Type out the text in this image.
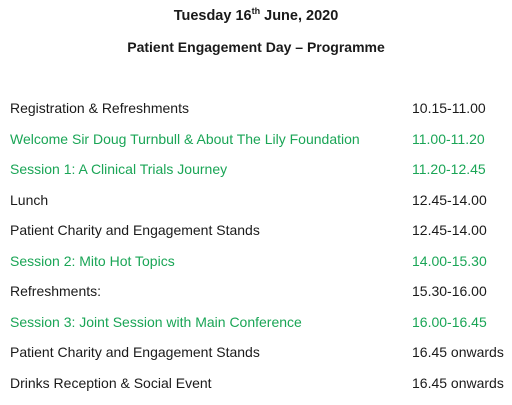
Tuesday 16th June, 2020
Patient Engagement Day – Programme
Registration & Refreshments	10.15-11.00
Welcome Sir Doug Turnbull & About The Lily Foundation	11.00-11.20
Session 1: A Clinical Trials Journey	11.20-12.45
Lunch	12.45-14.00
Patient Charity and Engagement Stands	12.45-14.00
Session 2: Mito Hot Topics	14.00-15.30
Refreshments:	15.30-16.00
Session 3: Joint Session with Main Conference	16.00-16.45
Patient Charity and Engagement Stands	16.45 onwards
Drinks Reception & Social Event	16.45 onwards
